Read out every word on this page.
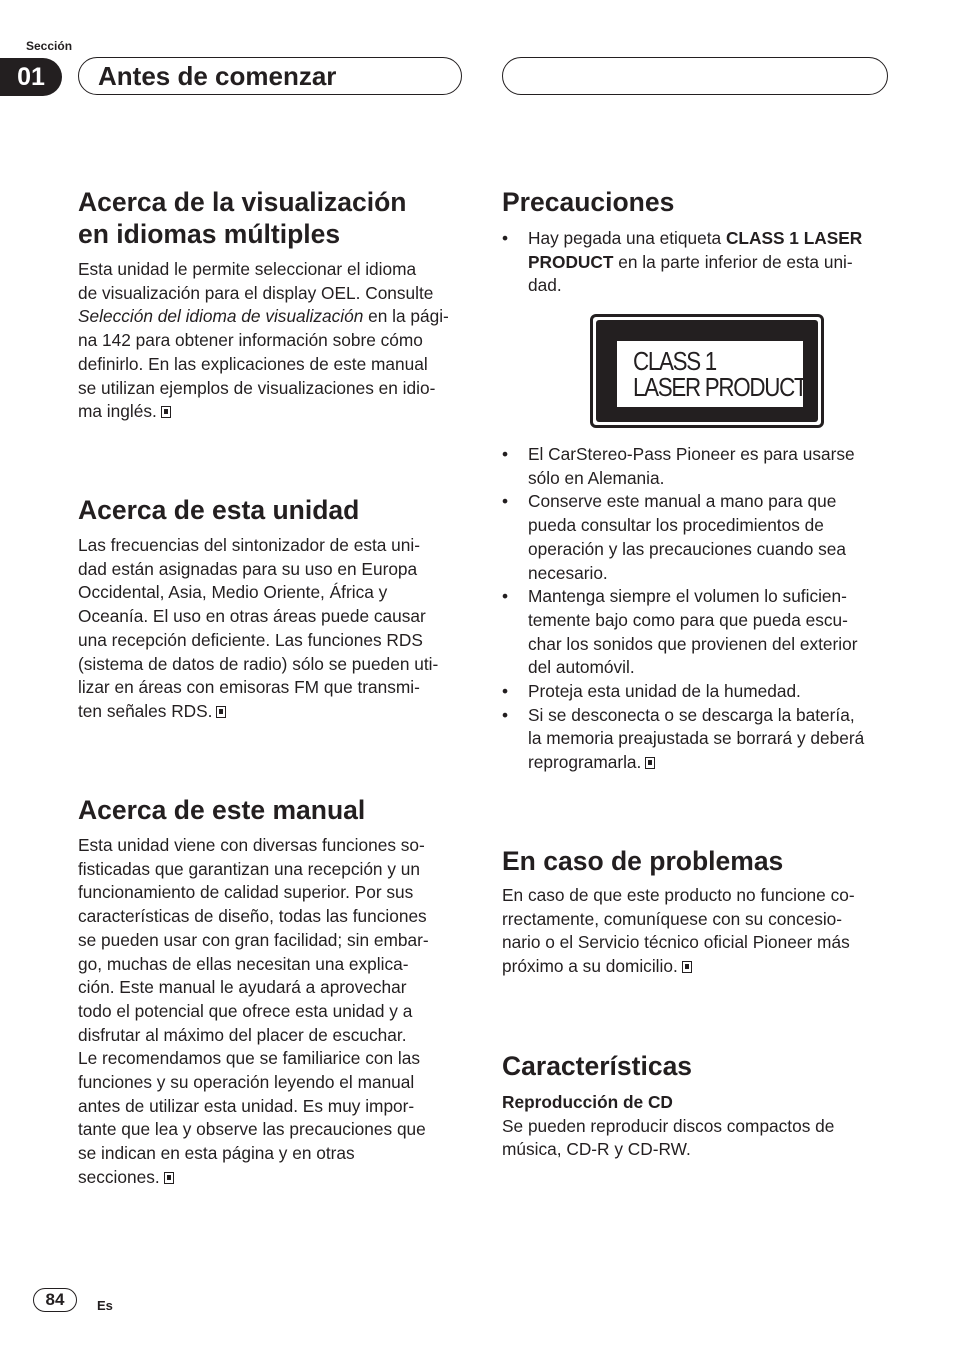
Sección
01	Antes de comenzar
Acerca de la visualización
en idiomas múltiples

Esta unidad le permite seleccionar el idioma
de visualización para el display OEL. Consulte
Selección del idioma de visualización en la pági-
na 142 para obtener información sobre cómo
definirlo. En las explicaciones de este manual
se utilizan ejemplos de visualizaciones en idio-
ma inglés.

Acerca de esta unidad

Las frecuencias del sintonizador de esta uni-
dad están asignadas para su uso en Europa
Occidental, Asia, Medio Oriente, África y
Oceanía. El uso en otras áreas puede causar
una recepción deficiente. Las funciones RDS
(sistema de datos de radio) sólo se pueden uti-
lizar en áreas con emisoras FM que transmi-
ten señales RDS.

Acerca de este manual

Esta unidad viene con diversas funciones so-
fisticadas que garantizan una recepción y un
funcionamiento de calidad superior. Por sus
características de diseño, todas las funciones
se pueden usar con gran facilidad; sin embar-
go, muchas de ellas necesitan una explica-
ción. Este manual le ayudará a aprovechar
todo el potencial que ofrece esta unidad y a
disfrutar al máximo del placer de escuchar.
Le recomendamos que se familiarice con las
funciones y su operación leyendo el manual
antes de utilizar esta unidad. Es muy impor-
tante que lea y observe las precauciones que
se indican en esta página y en otras
secciones.

Precauciones
• Hay pegada una etiqueta CLASS 1 LASER
PRODUCT en la parte inferior de esta uni-
dad.
CLASS 1
LASER PRODUCT
• El CarStereo-Pass Pioneer es para usarse
sólo en Alemania.
• Conserve este manual a mano para que
pueda consultar los procedimientos de
operación y las precauciones cuando sea
necesario.
• Mantenga siempre el volumen lo suficien-
temente bajo como para que pueda escu-
char los sonidos que provienen del exterior
del automóvil.
• Proteja esta unidad de la humedad.
• Si se desconecta o se descarga la batería,
la memoria preajustada se borrará y deberá
reprogramarla.
En caso de problemas

En caso de que este producto no funcione co-
rrectamente, comuníquese con su concesio-
nario o el Servicio técnico oficial Pioneer más
próximo a su domicilio.

Características

Reproducción de CD

Se pueden reproducir discos compactos de
música, CD-R y CD-RW.

84	Es
